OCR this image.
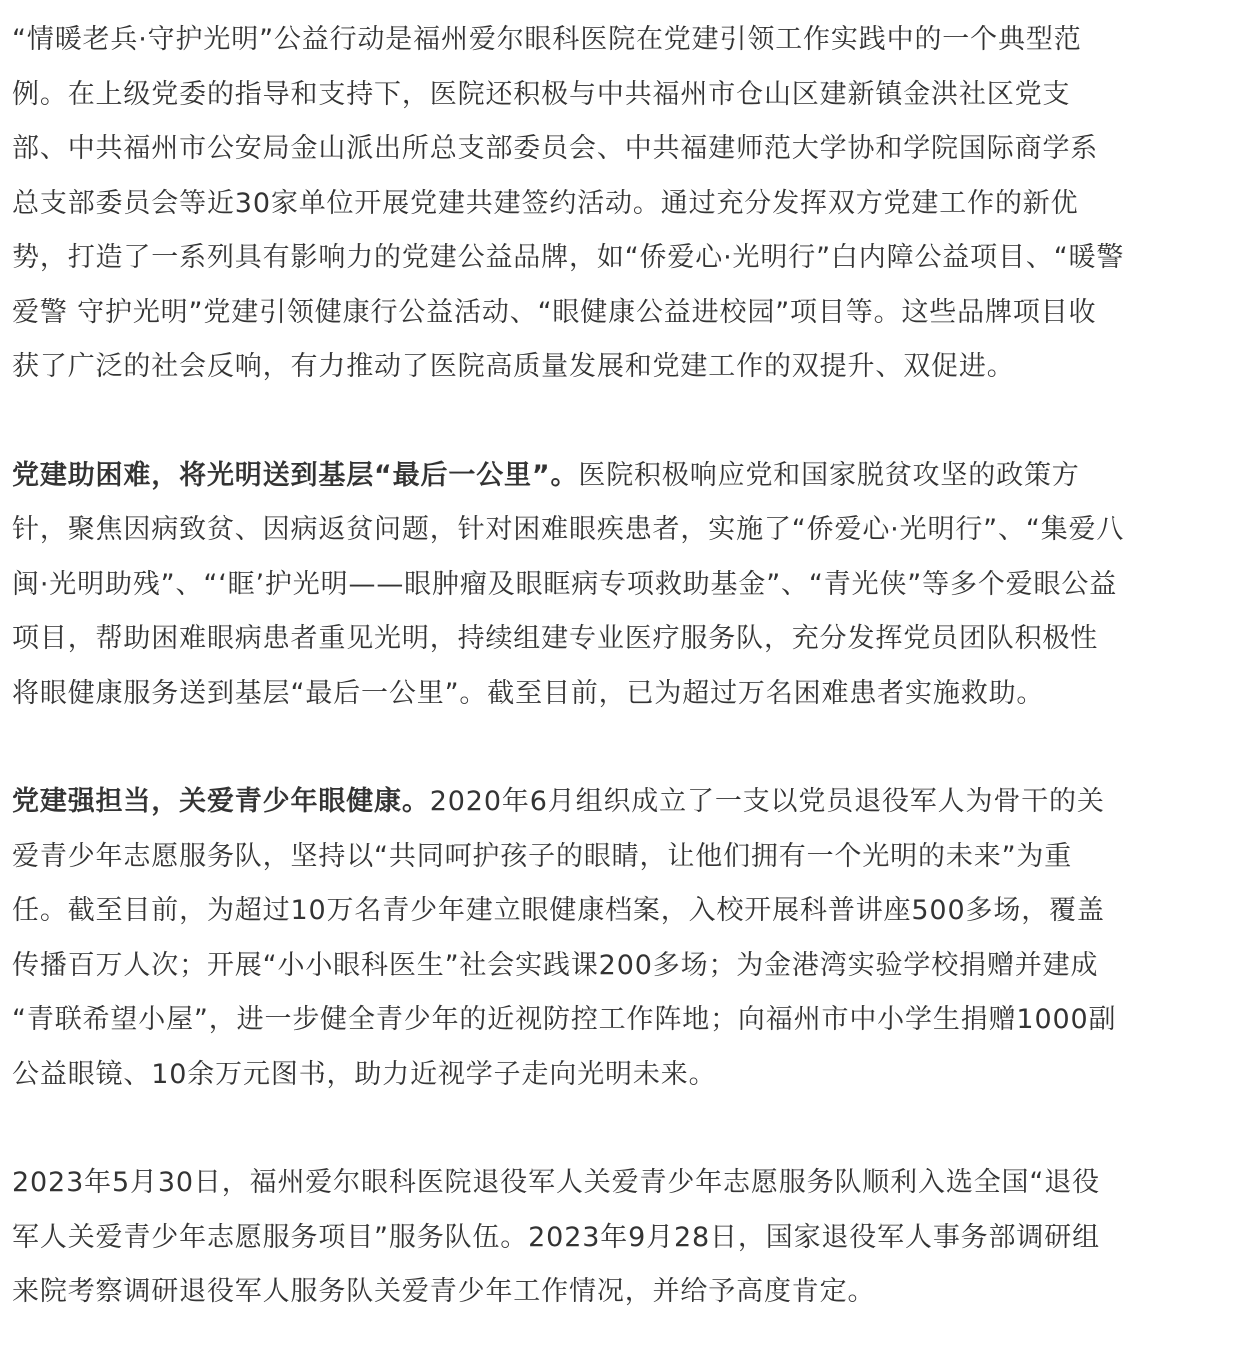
“情暖老兵·守护光明”公益行动是福州爱尔眼科医院在党建引领工作实践中的一个典型范
例。在上级党委的指导和支持下，医院还积极与中共福州市仓山区建新镇金洪社区党支
部、中共福州市公安局金山派出所总支部委员会、中共福建师范大学协和学院国际商学系
总支部委员会等近30家单位开展党建共建签约活动。通过充分发挥双方党建工作的新优
势，打造了一系列具有影响力的党建公益品牌，如“侨爱心·光明行”白内障公益项目、“暖警
爱警 守护光明”党建引领健康行公益活动、“眼健康公益进校园”项目等。这些品牌项目收
获了广泛的社会反响，有力推动了医院高质量发展和党建工作的双提升、双促进。

党建助困难，将光明送到基层“最后一公里”。医院积极响应党和国家脱贫攻坚的政策方
针，聚焦因病致贫、因病返贫问题，针对困难眼疾患者，实施了“侨爱心·光明行”、“集爱八
闽·光明助残”、“‘眶’护光明——眼肿瘤及眼眶病专项救助基金”、“青光侠”等多个爱眼公益
项目，帮助困难眼病患者重见光明，持续组建专业医疗服务队，充分发挥党员团队积极性
将眼健康服务送到基层“最后一公里”。截至目前，已为超过万名困难患者实施救助。

党建强担当，关爱青少年眼健康。2020年6月组织成立了一支以党员退役军人为骨干的关
爱青少年志愿服务队，坚持以“共同呵护孩子的眼睛，让他们拥有一个光明的未来”为重
任。截至目前，为超过10万名青少年建立眼健康档案，入校开展科普讲座500多场，覆盖
传播百万人次；开展“小小眼科医生”社会实践课200多场；为金港湾实验学校捐赠并建成
“青联希望小屋”，进一步健全青少年的近视防控工作阵地；向福州市中小学生捐赠1000副
公益眼镜、10余万元图书，助力近视学子走向光明未来。

2023年5月30日，福州爱尔眼科医院退役军人关爱青少年志愿服务队顺利入选全国“退役
军人关爱青少年志愿服务项目”服务队伍。2023年9月28日，国家退役军人事务部调研组
来院考察调研退役军人服务队关爱青少年工作情况，并给予高度肯定。
